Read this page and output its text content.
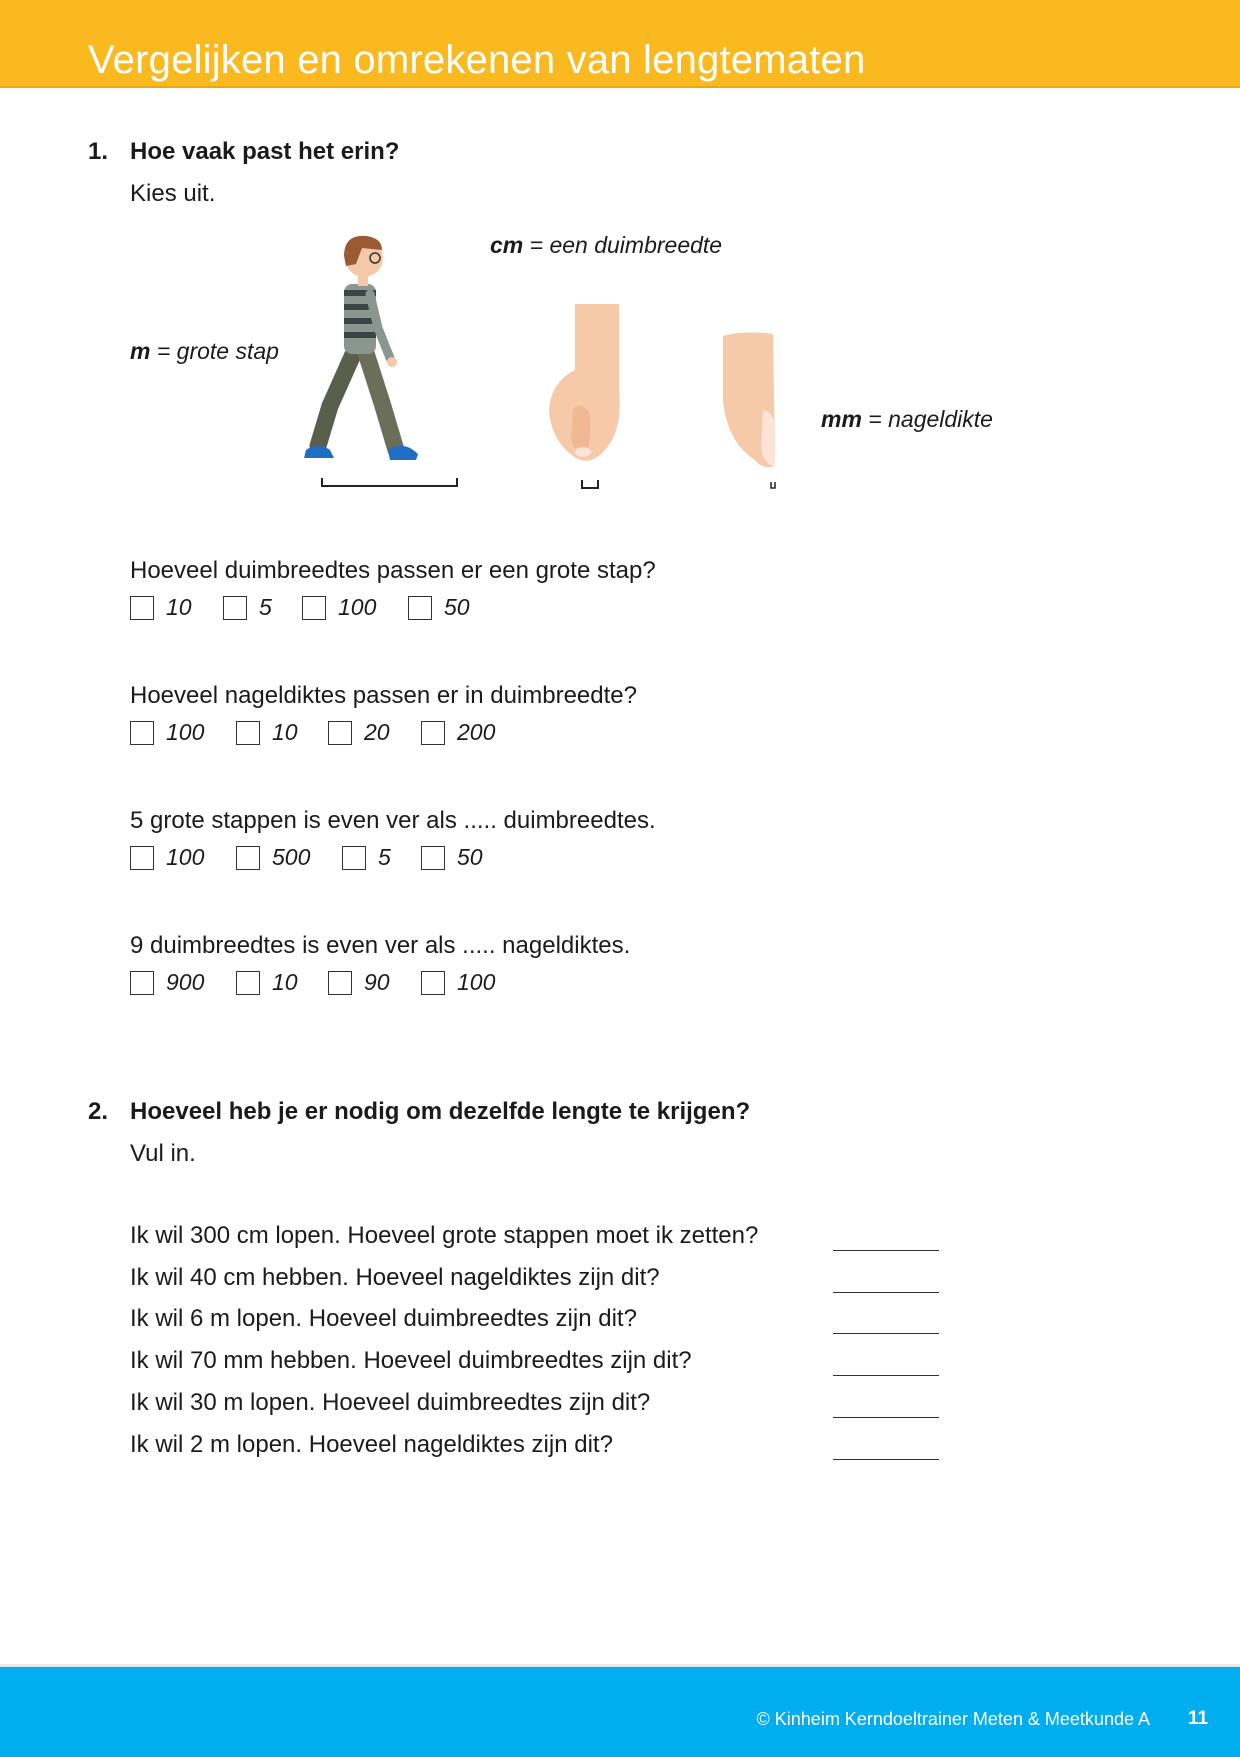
Vergelijken en omrekenen van lengtematen
1. Hoe vaak past het erin?
Kies uit.
m = grote stap
cm = een duimbreedte
mm = nageldikte
Hoeveel duimbreedtes passen er een grote stap?
10	5	100	50
Hoeveel nageldiktes passen er in duimbreedte?
100	10	20	200
5 grote stappen is even ver als ..... duimbreedtes.
100	500	5	50
9 duimbreedtes is even ver als ..... nageldiktes.
900	10	90	100
2. Hoeveel heb je er nodig om dezelfde lengte te krijgen?
Vul in.
Ik wil 300 cm lopen. Hoeveel grote stappen moet ik zetten?
Ik wil 40 cm hebben. Hoeveel nageldiktes zijn dit?
Ik wil 6 m lopen. Hoeveel duimbreedtes zijn dit?
Ik wil 70 mm hebben. Hoeveel duimbreedtes zijn dit?
Ik wil 30 m lopen. Hoeveel duimbreedtes zijn dit?
Ik wil 2 m lopen. Hoeveel nageldiktes zijn dit?
© Kinheim Kerndoeltrainer Meten & Meetkunde A 11
